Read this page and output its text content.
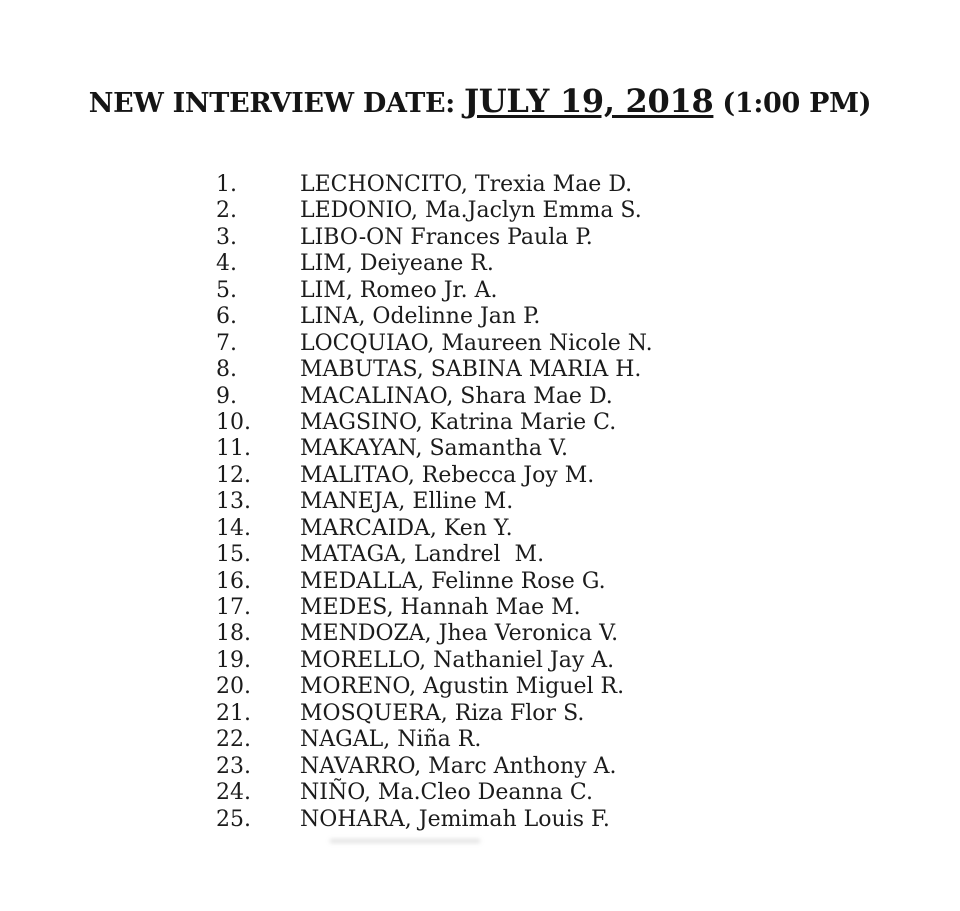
NEW INTERVIEW DATE: JULY 19, 2018 (1:00 PM)
1.	LECHONCITO, Trexia Mae D.
2.	LEDONIO, Ma.Jaclyn Emma S.
3.	LIBO-ON Frances Paula P.
4.	LIM, Deiyeane R.
5.	LIM, Romeo Jr. A.
6.	LINA, Odelinne Jan P.
7.	LOCQUIAO, Maureen Nicole N.
8.	MABUTAS, SABINA MARIA H.
9.	MACALINAO, Shara Mae D.
10.	MAGSINO, Katrina Marie C.
11.	MAKAYAN, Samantha V.
12.	MALITAO, Rebecca Joy M.
13.	MANEJA, Elline M.
14.	MARCAIDA, Ken Y.
15.	MATAGA, Landrel  M.
16.	MEDALLA, Felinne Rose G.
17.	MEDES, Hannah Mae M.
18.	MENDOZA, Jhea Veronica V.
19.	MORELLO, Nathaniel Jay A.
20.	MORENO, Agustin Miguel R.
21.	MOSQUERA, Riza Flor S.
22.	NAGAL, Niña R.
23.	NAVARRO, Marc Anthony A.
24.	NIÑO, Ma.Cleo Deanna C.
25.	NOHARA, Jemimah Louis F.
